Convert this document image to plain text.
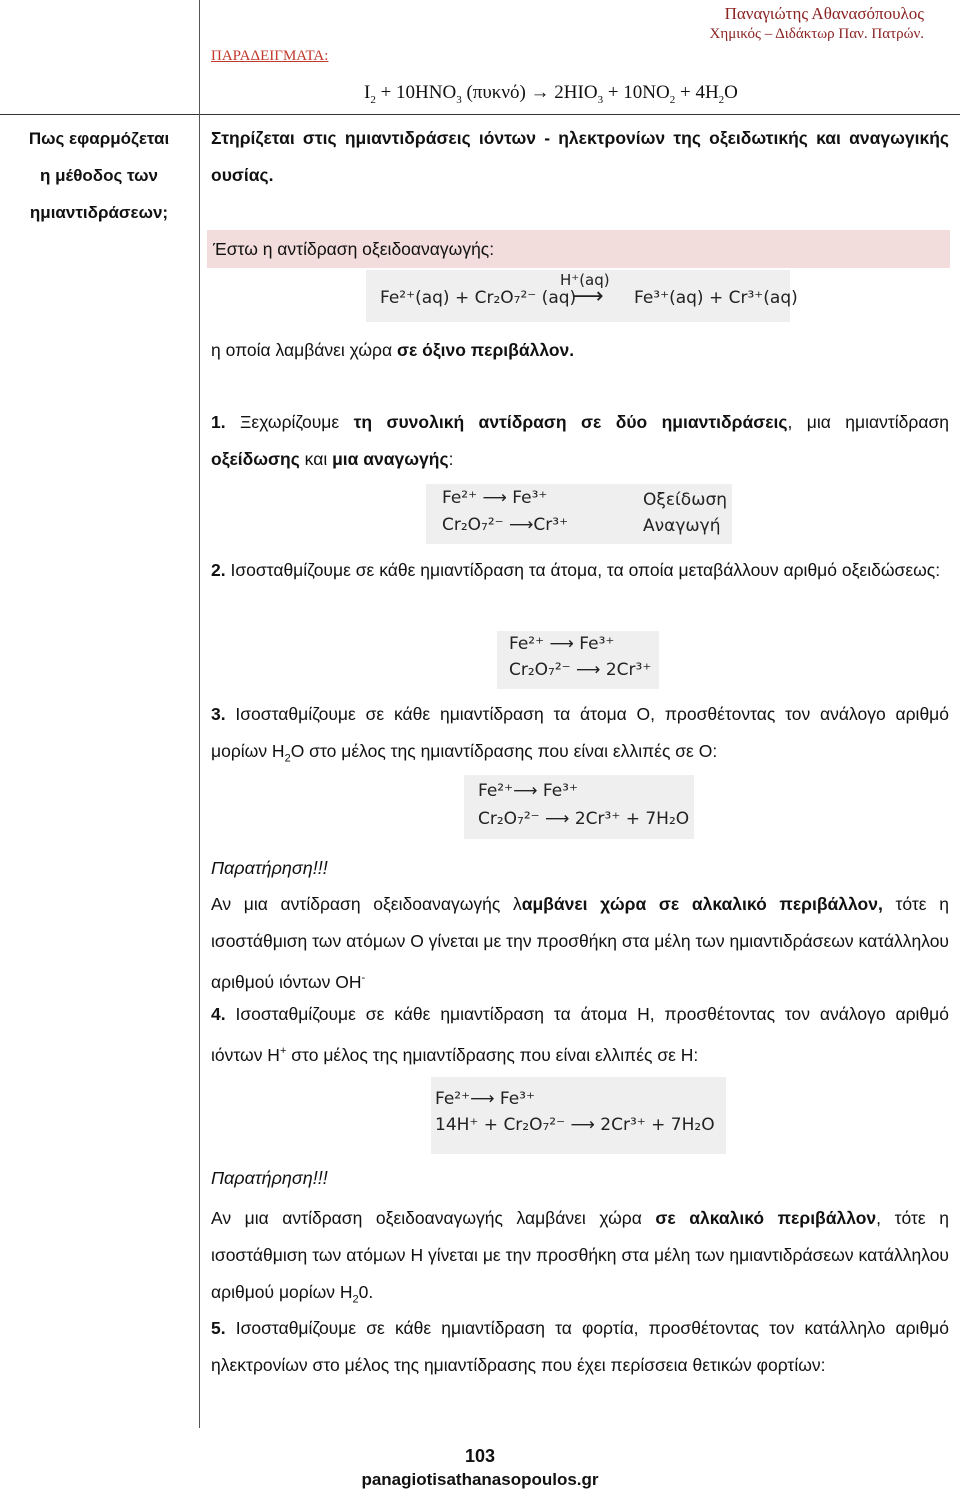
Παναγιώτης Αθανασόπουλος
Χημικός – Διδάκτωρ Παν. Πατρών.
ΠΑΡΑΔΕΙΓΜΑΤΑ:
$I_2 + 10HNO_3$ $(\pi\upsilon\kappa\nu ό) \to 2HIO_3 + 10NO_2 + 4H_2O$
Πως εφαρμόζεται
η μέθοδος των
ημιαντιδράσεων;
Στηρίζεται στις ημιαντιδράσεις ιόντων - ηλεκτρονίων της οξειδωτικής και αναγωγικής ουσίας.
Έστω η αντίδραση οξειδοαναγωγής:
H⁺(aq)
Fe²⁺(aq) + Cr₂O₇²⁻ (aq)
⟶ Fe³⁺(aq) + Cr³⁺(aq)
η οποία λαμβάνει χώρα σε όξινο περιβάλλον.
1. Ξεχωρίζουμε τη συνολική αντίδραση σε δύο ημιαντιδράσεις, μια ημιαντίδραση οξείδωσης και μια αναγωγής:
Fe²⁺ ⟶ Fe³⁺
Cr₂O₇²⁻ ⟶Cr³⁺
Οξείδωση
Αναγωγή
2. Ισοσταθμίζουμε σε κάθε ημιαντίδραση τα άτομα, τα οποία μεταβάλλουν αριθμό οξειδώσεως:
Fe²⁺ ⟶ Fe³⁺
Cr₂O₇²⁻ ⟶ 2Cr³⁺
3. Ισοσταθμίζουμε σε κάθε ημιαντίδραση τα άτομα Ο, προσθέτοντας τον ανάλογο αριθμό μορίων $H_2O$ στο μέλος της ημιαντίδρασης που είναι ελλιπές σε Ο:
Fe²⁺⟶ Fe³⁺
Cr₂O₇²⁻ ⟶ 2Cr³⁺ + 7H₂O
Παρατήρηση!!!
Αν μια αντίδραση οξειδοαναγωγής λαμβάνει χώρα σε αλκαλικό περιβάλλον, τότε η ισοστάθμιση των ατόμων Ο γίνεται με την προσθήκη στα μέλη των ημιαντιδράσεων κατάλληλου αριθμού ιόντων ΟΗ-
4. Ισοσταθμίζουμε σε κάθε ημιαντίδραση τα άτομα Η, προσθέτοντας τον ανάλογο αριθμό ιόντων Η+ στο μέλος της ημιαντίδρασης που είναι ελλιπές σε Η:
Fe²⁺⟶ Fe³⁺
14H⁺ + Cr₂O₇²⁻ ⟶ 2Cr³⁺ + 7H₂O
Παρατήρηση!!!
Αν μια αντίδραση οξειδοαναγωγής λαμβάνει χώρα σε αλκαλικό περιβάλλον, τότε η ισοστάθμιση των ατόμων Η γίνεται με την προσθήκη στα μέλη των ημιαντιδράσεων κατάλληλου αριθμού μορίων $H_20$.
5. Ισοσταθμίζουμε σε κάθε ημιαντίδραση τα φορτία, προσθέτοντας τον κατάλληλο αριθμό ηλεκτρονίων στο μέλος της ημιαντίδρασης που έχει περίσσεια θετικών φορτίων:
103
panagiotisathanasopoulos.gr
